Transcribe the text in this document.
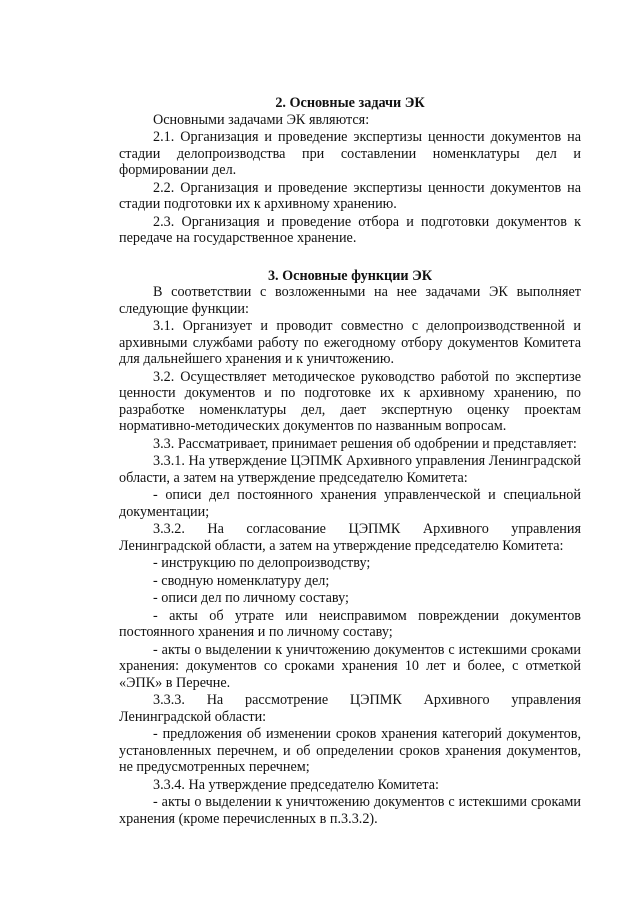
2. Основные задачи ЭК

Основными задачами ЭК являются:

2.1. Организация и проведение экспертизы ценности документов на стадии делопроизводства при составлении номенклатуры дел и формировании дел.

2.2. Организация и проведение экспертизы ценности документов на стадии подготовки их к архивному хранению.

2.3. Организация и проведение отбора и подготовки документов к передаче на государственное хранение.

3. Основные функции ЭК

В соответствии с возложенными на нее задачами ЭК выполняет следующие функции:

3.1. Организует и проводит совместно с делопроизводственной и архивными службами работу по ежегодному отбору документов Комитета для дальнейшего хранения и к уничтожению.

3.2. Осуществляет методическое руководство работой по экспертизе ценности документов и по подготовке их к архивному хранению, по разработке номенклатуры дел, дает экспертную оценку проектам нормативно-методических документов по названным вопросам.

3.3. Рассматривает, принимает решения об одобрении и представляет:

3.3.1. На утверждение ЦЭПМК Архивного управления Ленинградской области, а затем на утверждение председателю Комитета:

- описи дел постоянного хранения управленческой и специальной документации;

3.3.2. На согласование ЦЭПМК Архивного управления Ленинградской области, а затем на утверждение председателю Комитета:

- инструкцию по делопроизводству;

- сводную номенклатуру дел;

- описи дел по личному составу;

- акты об утрате или неисправимом повреждении документов постоянного хранения и по личному составу;

- акты о выделении к уничтожению документов с истекшими сроками хранения: документов со сроками хранения 10 лет и более, с отметкой «ЭПК» в Перечне.

3.3.3. На рассмотрение ЦЭПМК Архивного управления Ленинградской области:

- предложения об изменении сроков хранения категорий документов, установленных перечнем, и об определении сроков хранения документов, не предусмотренных перечнем;

3.3.4. На утверждение председателю Комитета:

- акты о выделении к уничтожению документов с истекшими сроками хранения (кроме перечисленных в п.3.3.2).
